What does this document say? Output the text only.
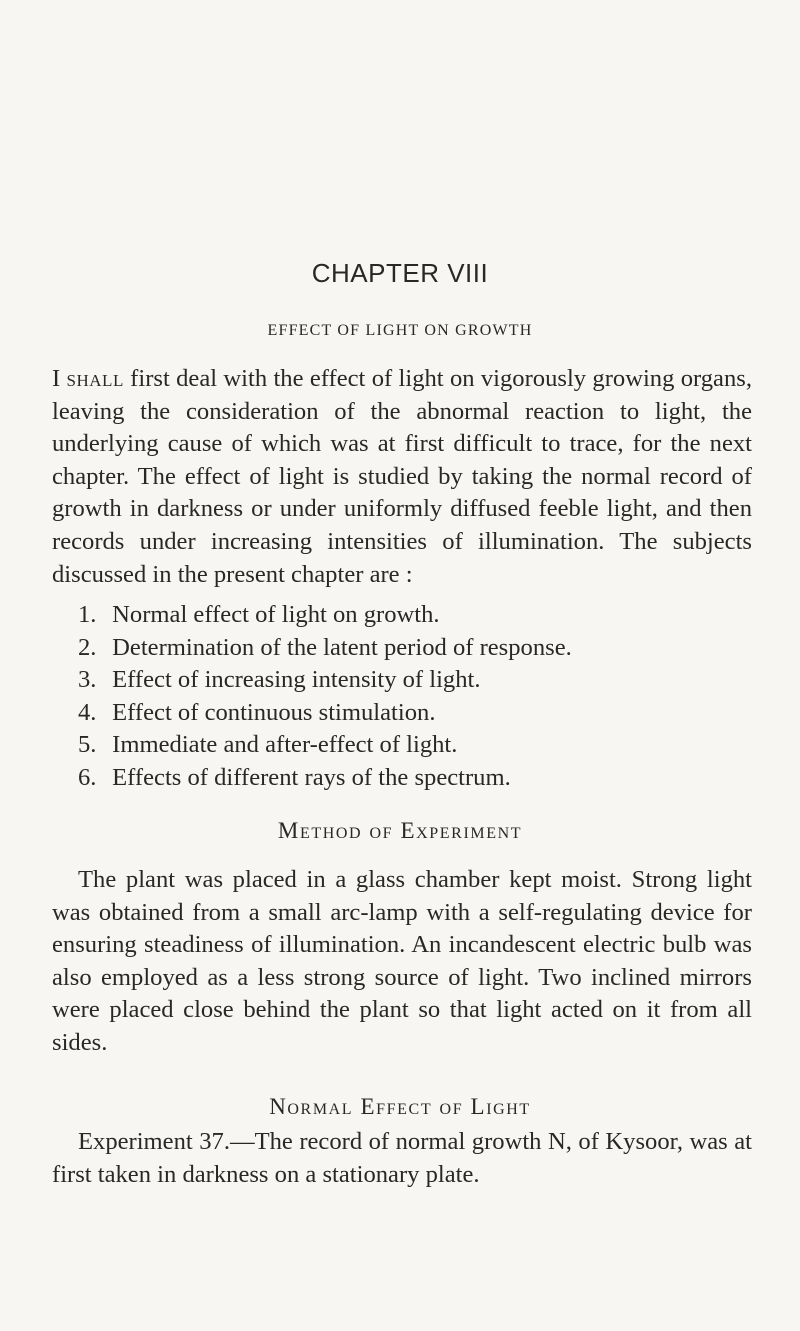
CHAPTER VIII
EFFECT OF LIGHT ON GROWTH

I shall first deal with the effect of light on vigorously growing organs, leaving the consideration of the abnormal reaction to light, the underlying cause of which was at first difficult to trace, for the next chapter. The effect of light is studied by taking the normal record of growth in darkness or under uniformly diffused feeble light, and then records under increasing intensities of illumination. The subjects discussed in the present chapter are :

1. Normal effect of light on growth.
2. Determination of the latent period of response.
3. Effect of increasing intensity of light.
4. Effect of continuous stimulation.
5. Immediate and after-effect of light.
6. Effects of different rays of the spectrum.
Method of Experiment

The plant was placed in a glass chamber kept moist. Strong light was obtained from a small arc-lamp with a self-regulating device for ensuring steadiness of illumination. An incandescent electric bulb was also employed as a less strong source of light. Two inclined mirrors were placed close behind the plant so that light acted on it from all sides.

Normal Effect of Light

Experiment 37.—The record of normal growth N, of Kysoor, was at first taken in darkness on a stationary plate.
